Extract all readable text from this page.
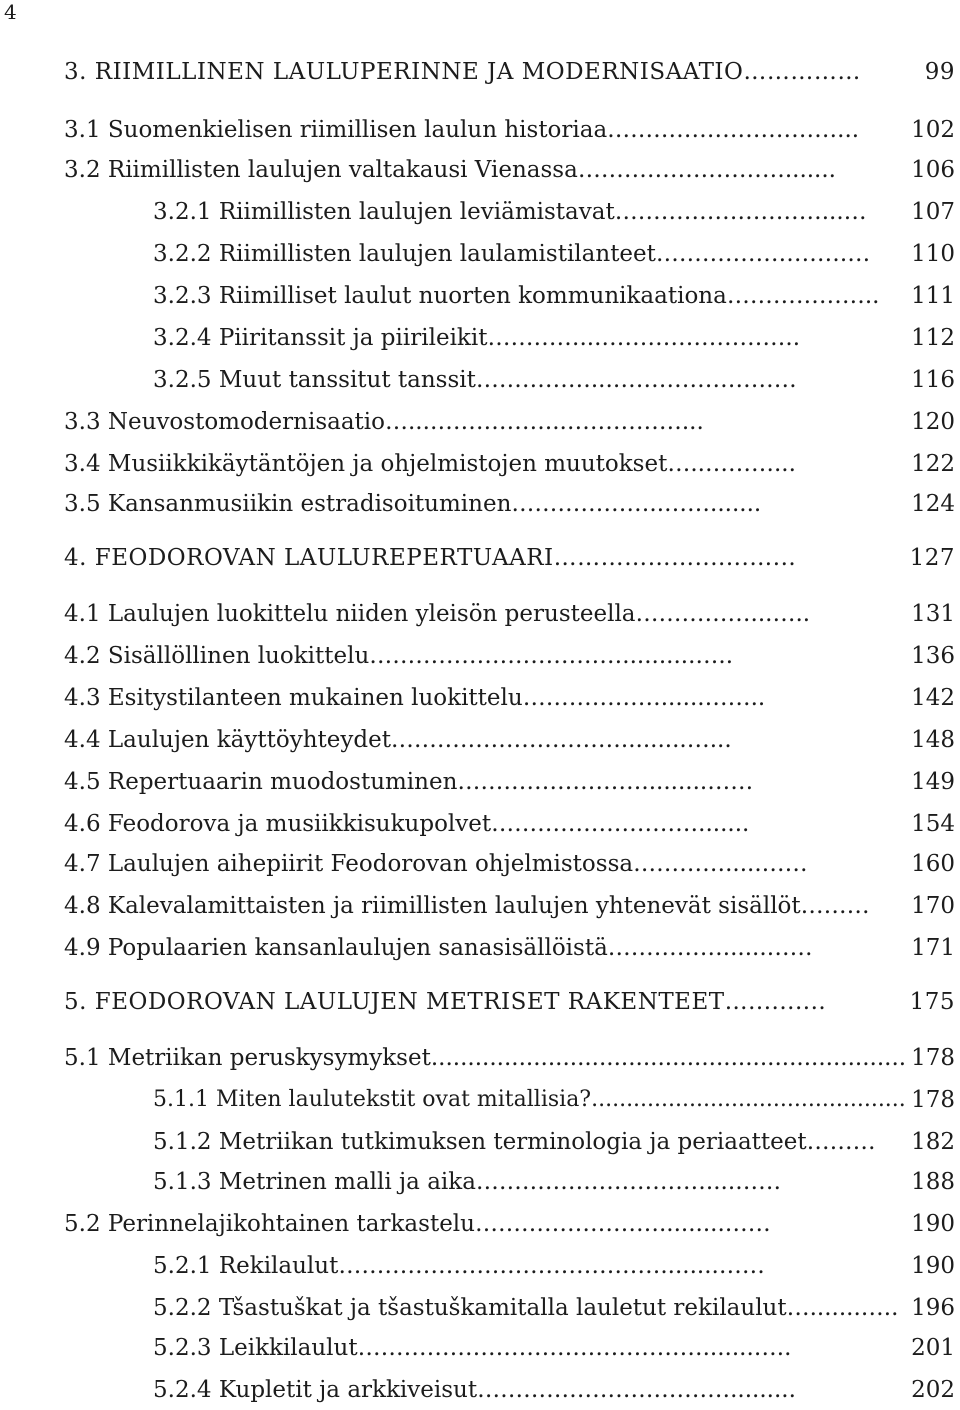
4
3. RIIMILLINEN LAULUPERINNE JA MODERNISAATIO……………	99
3.1 Suomenkielisen riimillisen laulun historiaa…………………………... 102
3.2 Riimillisten laulujen valtakausi Vienassa……………………….......	106
3.2.1 Riimillisten laulujen leviämistavat………………………...… 107
3.2.2 Riimillisten laulujen laulamistilanteet…………………….… 110
3.2.3 Riimilliset laulut nuorten kommunikaationa……………….. 111
3.2.4 Piiritanssit ja piirileikit…………...……………………..	112
3.2.5 Muut tanssitut tanssit……………...……………………	116
3.3 Neuvostomodernisaatio…...……………...……………...	120
3.4 Musiikkikäytäntöjen ja ohjelmistojen muutokset…..………...	122
3.5 Kansanmusiikin estradisoituminen………………..…….......	124
4. FEODOROVAN LAULUREPERTUAARI……………….......…...	127
4.1 Laulujen luokittelu niiden yleisön perusteella……………...…..	131
4.2 Sisällöllinen luokittelu……………………………..........…..	136
4.3 Esitystilanteen mukainen luokittelu………………......……..	142
4.4 Laulujen käyttöyhteydet………………………….........…...	148
4.5 Repertuaarin muodostuminen…………………….........……	149
4.6 Feodorova ja musiikkisukupolvet……………………….......	154
4.7 Laulujen aihepiirit Feodorovan ohjelmistossa………….....……	160
4.8 Kalevalamittaisten ja riimillisten laulujen yhtenevät sisällöt……… 170
4.9 Populaarien kansanlaulujen sanasisällöistä……………......……	171
5. FEODOROVAN LAULUJEN METRISET RAKENTEET…..........	175
5.1 Metriikan peruskysymykset................................................................. 178
5.1.1 Miten laulutekstit ovat mitallisia?............................................. 178
5.1.2 Metriikan tutkimuksen terminologia ja periaatteet……… 182
5.1.3 Metrinen malli ja aika…………………………....……	188
5.2 Perinnelajikohtainen tarkastelu…………………….........……	190
5.2.1 Rekilaulut……………………………………........……	190
5.2.2 Tšastuškat ja tšastuškamitalla lauletut rekilaulut….......….. 196
5.2.3 Leikkilaulut……………………………………….......…..	201
5.2.4 Kupletit ja arkkiveisut…………………………….........	202
